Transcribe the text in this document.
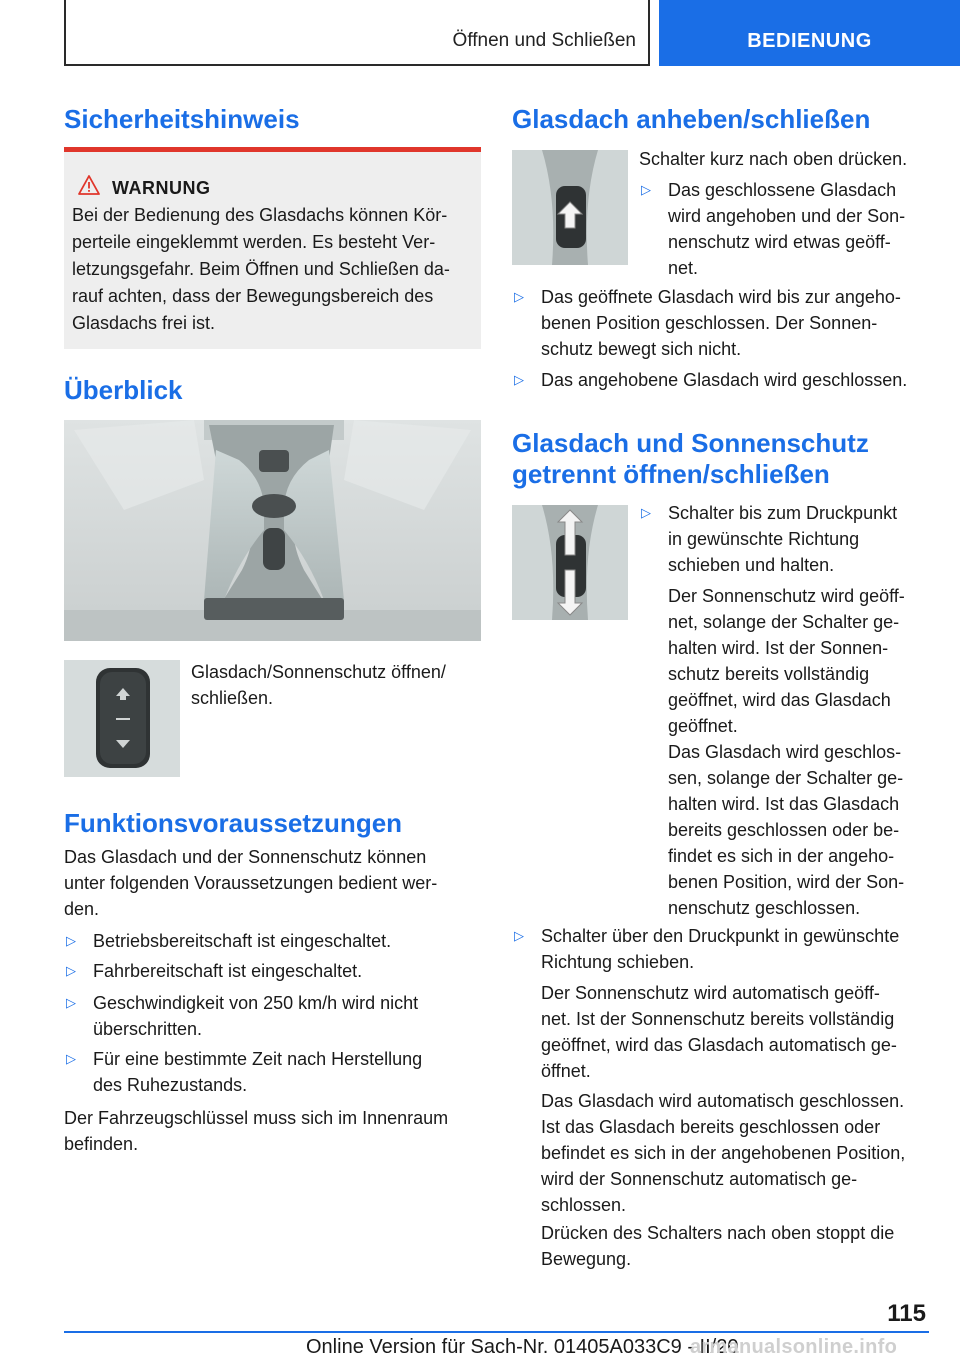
Öffnen und Schließen	BEDIENUNG
Sicherheitshinweis
WARNUNG
Bei der Bedienung des Glasdachs können Kör-
perteile eingeklemmt werden. Es besteht Ver-
letzungsgefahr. Beim Öffnen und Schließen da-
rauf achten, dass der Bewegungsbereich des
Glasdachs frei ist.
Überblick
Glasdach/Sonnenschutz öffnen/
schließen.
Funktionsvoraussetzungen
Das Glasdach und der Sonnenschutz können
unter folgenden Voraussetzungen bedient wer-
den.
▷ Betriebsbereitschaft ist eingeschaltet.
▷ Fahrbereitschaft ist eingeschaltet.
▷ Geschwindigkeit von 250 km/h wird nicht
überschritten.
▷ Für eine bestimmte Zeit nach Herstellung
des Ruhezustands.
Der Fahrzeugschlüssel muss sich im Innenraum
befinden.
Glasdach anheben/schließen
Schalter kurz nach oben drücken.
▷ Das geschlossene Glasdach
wird angehoben und der Son-
nenschutz wird etwas geöff-
net.
▷ Das geöffnete Glasdach wird bis zur angeho-
benen Position geschlossen. Der Sonnen-
schutz bewegt sich nicht.
▷ Das angehobene Glasdach wird geschlossen.
Glasdach und Sonnenschutz
getrennt öffnen/schließen
▷ Schalter bis zum Druckpunkt
in gewünschte Richtung
schieben und halten.
Der Sonnenschutz wird geöff-
net, solange der Schalter ge-
halten wird. Ist der Sonnen-
schutz bereits vollständig
geöffnet, wird das Glasdach
geöffnet.
Das Glasdach wird geschlos-
sen, solange der Schalter ge-
halten wird. Ist das Glasdach
bereits geschlossen oder be-
findet es sich in der angeho-
benen Position, wird der Son-
nenschutz geschlossen.
▷ Schalter über den Druckpunkt in gewünschte
Richtung schieben.
Der Sonnenschutz wird automatisch geöff-
net. Ist der Sonnenschutz bereits vollständig
geöffnet, wird das Glasdach automatisch ge-
öffnet.
Das Glasdach wird automatisch geschlossen.
Ist das Glasdach bereits geschlossen oder
befindet es sich in der angehobenen Position,
wird der Sonnenschutz automatisch ge-
schlossen.
Drücken des Schalters nach oben stoppt die
Bewegung.
115
Online Version für Sach-Nr. 01405A033C9 - II/20
armanualsonline.info
